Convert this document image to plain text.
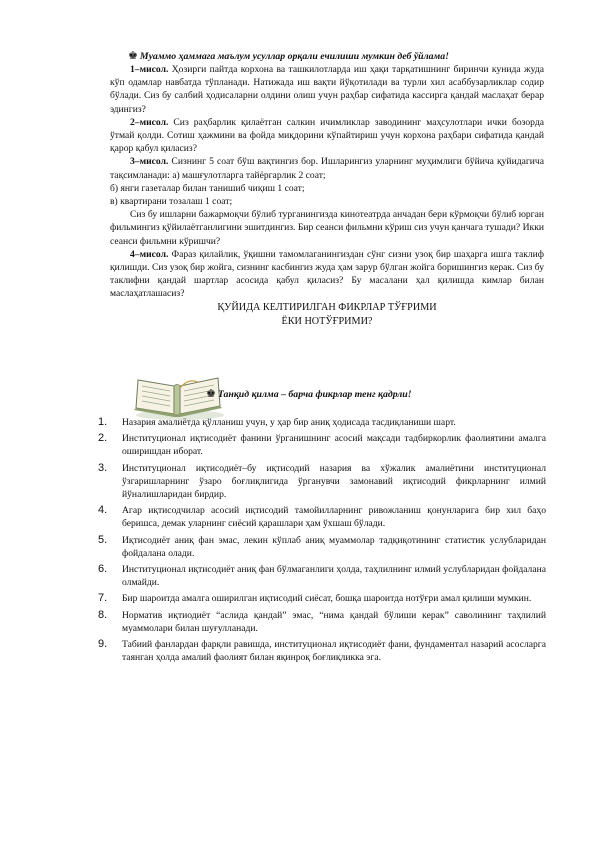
♚ Муаммо ҳаммага маълум усуллар орқали ечилиши мумкин деб ўйлама!

1–мисол. Ҳозирги пайтда корхона ва ташкилотларда иш ҳақи тарқатишнинг биринчи кунида жуда кўп одамлар навбатда тўпланади. Натижада иш вақти йўқотилади ва турли хил асаббузарликлар содир бўлади. Сиз бу салбий ҳодисаларни олдини олиш учун раҳбар сифатида кассирга қандай маслаҳат берар эдингиз?

2–мисол. Сиз раҳбарлик қилаётган салкин ичимликлар заводининг маҳсулотлари ички бозорда ўтмай қолди. Сотиш ҳажмини ва фойда миқдорини кўпайтириш учун корхона раҳбари сифатида қандай қарор қабул қиласиз?

3–мисол. Сизнинг 5 соат бўш вақтингиз бор. Ишларингиз уларнинг муҳимлиги бўйича қуйидагича тақсимланади: а) машғулотларга тайёргарлик 2 соат;

б) янги газеталар билан танишиб чиқиш 1 соат;

в) квартирани тозалаш 1 соат;

Сиз бу ишларни бажармоқчи бўлиб турганингизда кинотеатрда анчадан бери кўрмоқчи бўлиб юрган фильмингиз қўйилаётганлигини эшитдингиз. Бир сеанси фильмни кўриш сиз учун қанчага тушади? Икки сеанси фильмни кўришчи?

4–мисол. Фараз қилайлик, ўқишни тамомлаганингиздан сўнг сизни узоқ бир шаҳарга ишга таклиф қилишди. Сиз узоқ бир жойга, сизнинг касбингиз жуда ҳам зарур бўлган жойга боришингиз керак. Сиз бу таклифни қандай шартлар асосида қабул қиласиз? Бу масалани ҳал қилишда кимлар билан маслаҳатлашасиз?

ҚУЙИДА КЕЛТИРИЛГАН ФИКРЛАР ТЎҒРИМИ

ЁКИ НОТЎҒРИМИ?

♚ Танқид қилма – барча фикрлар тенг қадрли!
1.	Назария амалиётда қўлланиш учун, у ҳар бир аниқ ҳодисада тасдиқланиши шарт.
2.	Институционал иқтисодиёт фанини ўрганишнинг асосий мақсади тадбиркорлик фаолиятини амалга оширишдан иборат.
3.	Институционал иқтисодиёт–бу иқтисодий назария ва хўжалик амалиётини институционал ўзгаришларнинг ўзаро боғлиқлигида ўрганувчи замонавий иқтисодий фикрларнинг илмий йўналишларидан бирдир.
4.	Агар иқтисодчилар асосий иқтисодий тамойилларнинг ривожланиш қонунларига бир хил баҳо беришса, демак уларнинг сиёсий қарашлари ҳам ўхшаш бўлади.
5.	Иқтисодиёт аниқ фан эмас, лекин кўплаб аниқ муаммолар тадқиқотининг статистик услубларидан фойдалана олади.
6.	Институционал иқтисодиёт аниқ фан бўлмаганлиги ҳолда, таҳлилнинг илмий услубларидан фойдалана олмайди.
7.	Бир шароитда амалга оширилган иқтисодий сиёсат, бошқа шароитда нотўғри амал қилиши мумкин.
8.	Норматив иқтиодиёт “аслида қандай” эмас, “нима қандай бўлиши керак” саволининг таҳлилий муаммолари билан шуғулланади.
9.	Табиий фанлардан фарқли равишда, институционал иқтисодиёт фани, фундаментал назарий асосларга таянган ҳолда амалий фаолият билан яқинроқ боғлиқликка эга.
